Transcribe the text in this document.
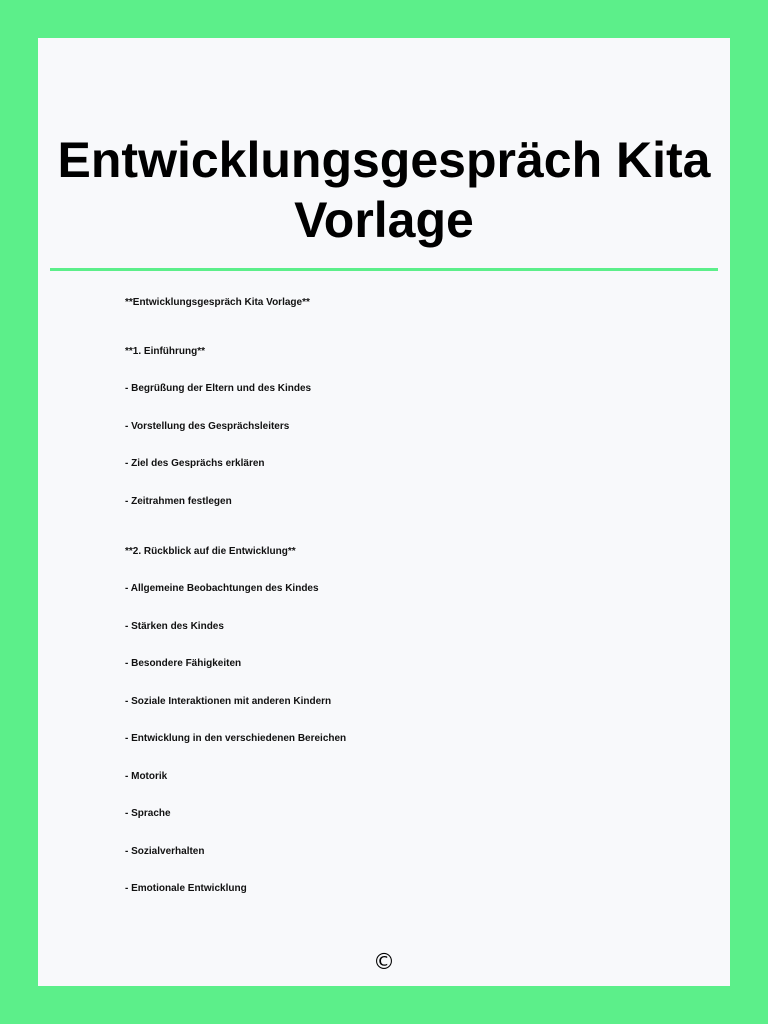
Entwicklungsgespräch Kita Vorlage

**Entwicklungsgespräch Kita Vorlage**

**1. Einführung**

- Begrüßung der Eltern und des Kindes

- Vorstellung des Gesprächsleiters

- Ziel des Gesprächs erklären

- Zeitrahmen festlegen

**2. Rückblick auf die Entwicklung**

- Allgemeine Beobachtungen des Kindes

- Stärken des Kindes

- Besondere Fähigkeiten

- Soziale Interaktionen mit anderen Kindern

- Entwicklung in den verschiedenen Bereichen

- Motorik

- Sprache

- Sozialverhalten

- Emotionale Entwicklung

©
